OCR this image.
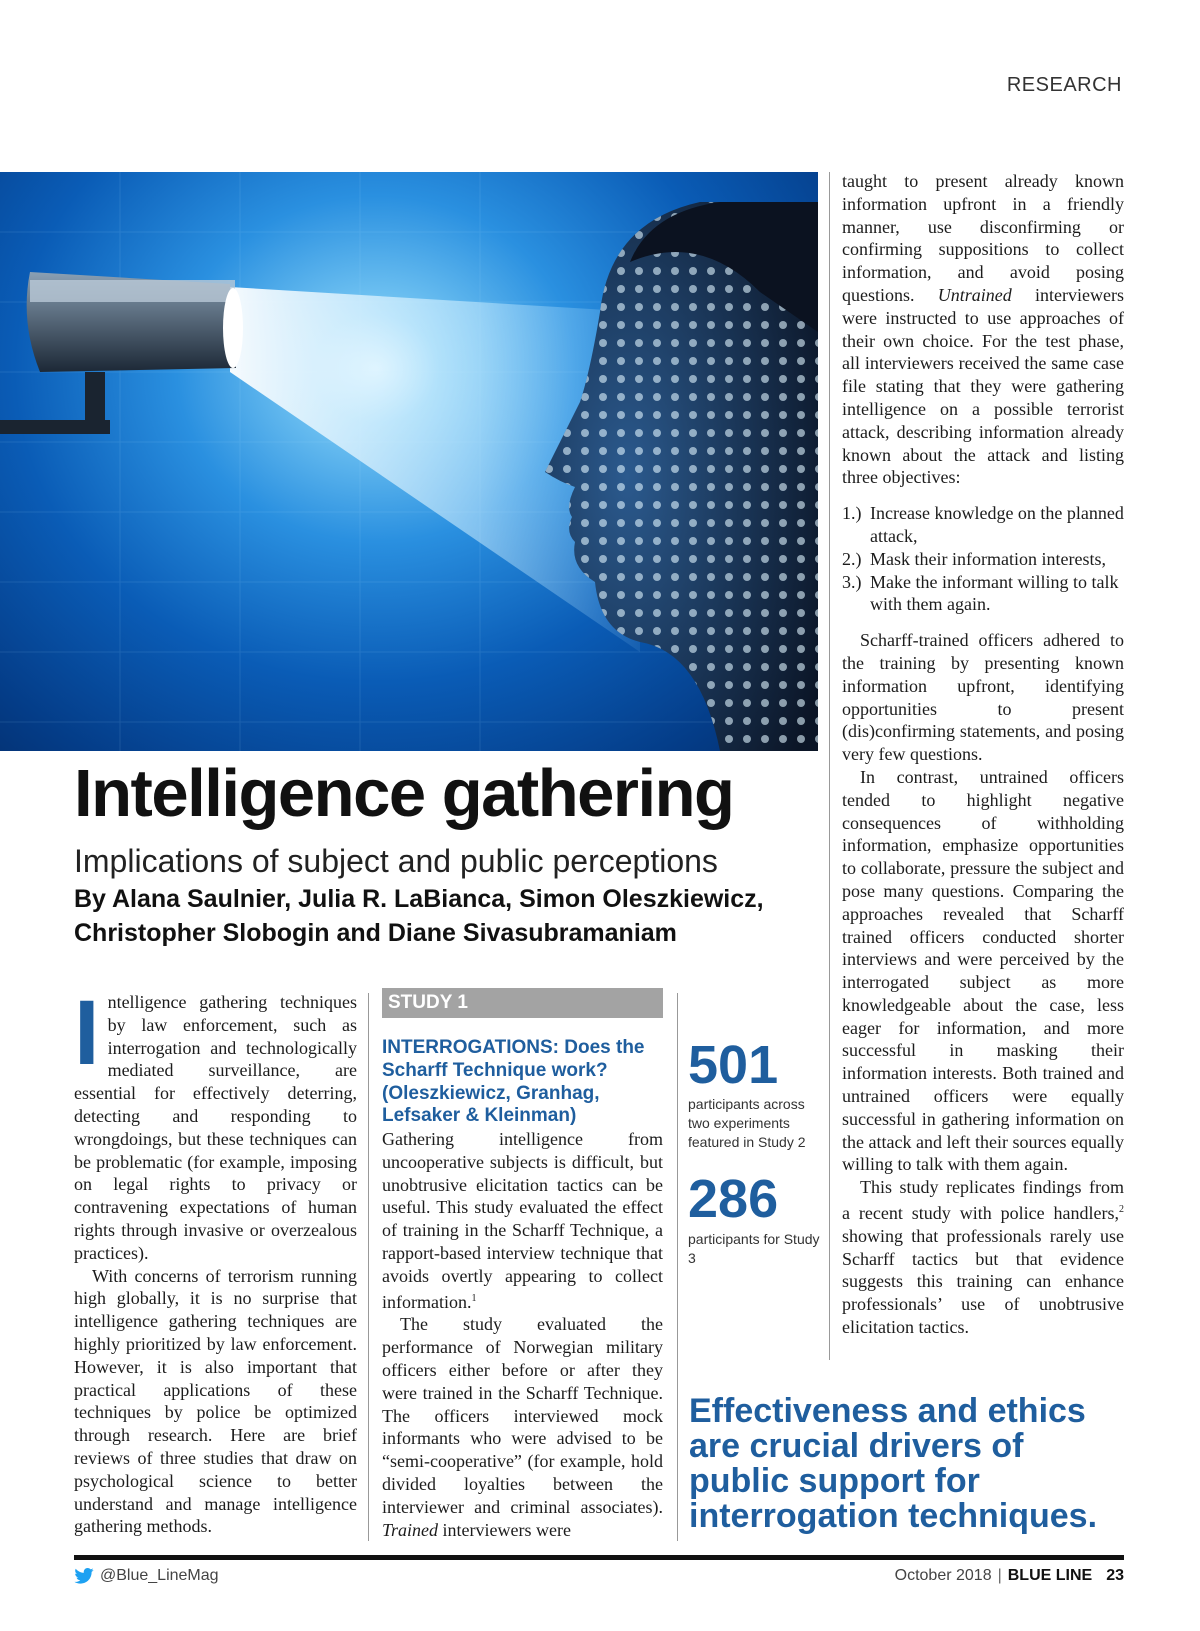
RESEARCH
Intelligence gathering
Implications of subject and public perceptions
By Alana Saulnier, Julia R. LaBianca, Simon Oleszkiewicz,
Christopher Slobogin and Diane Sivasubramaniam

Intelligence gathering techniques by law enforcement, such as interrogation and technologically mediated surveillance, are essential for effectively deterring, detecting and responding to wrongdoings, but these techniques can be problematic (for example, imposing on legal rights to privacy or contravening expectations of human rights through invasive or overzealous practices).

With concerns of terrorism running high globally, it is no surprise that intelligence gathering techniques are highly prioritized by law enforcement. However, it is also important that practical applications of these techniques by police be optimized through research. Here are brief reviews of three studies that draw on psychological science to better understand and manage intelligence gathering methods.

STUDY 1
INTERROGATIONS: Does the Scharff Technique work? (Oleszkiewicz, Granhag, Lefsaker & Kleinman)

Gathering intelligence from uncooperative subjects is difficult, but unobtrusive elicitation tactics can be useful. This study evaluated the effect of training in the Scharff Technique, a rapport-based interview technique that avoids overtly appearing to collect information.$^1$

The study evaluated the performance of Norwegian military officers either before or after they were trained in the Scharff Technique. The officers interviewed mock informants who were advised to be “semi-cooperative” (for example, hold divided loyalties between the interviewer and criminal associates). Trained interviewers were

501
participants across two experiments featured in Study 2
286
participants for Study 3

taught to present already known information upfront in a friendly manner, use disconfirming or confirming suppositions to collect information, and avoid posing questions. Untrained interviewers were instructed to use approaches of their own choice. For the test phase, all interviewers received the same case file stating that they were gathering intelligence on a possible terrorist attack, describing information already known about the attack and listing three objectives:

1.) Increase knowledge on the planned attack,
2.) Mask their information interests,
3.) Make the informant willing to talk with them again.

Scharff-trained officers adhered to the training by presenting known information upfront, identifying opportunities to present (dis)confirming statements, and posing very few questions.

In contrast, untrained officers tended to highlight negative consequences of withholding information, emphasize opportunities to collaborate, pressure the subject and pose many questions. Comparing the approaches revealed that Scharff trained officers conducted shorter interviews and were perceived by the interrogated subject as more knowledgeable about the case, less eager for information, and more successful in masking their information interests. Both trained and untrained officers were equally successful in gathering information on the attack and left their sources equally willing to talk with them again.

This study replicates findings from a recent study with police handlers,$^2$ showing that professionals rarely use Scharff tactics but that evidence suggests this training can enhance professionals’ use of unobtrusive elicitation tactics.

Effectiveness and ethics are crucial drivers of public support for interrogation techniques.
@Blue_LineMag	October 2018 | BLUE LINE 23
